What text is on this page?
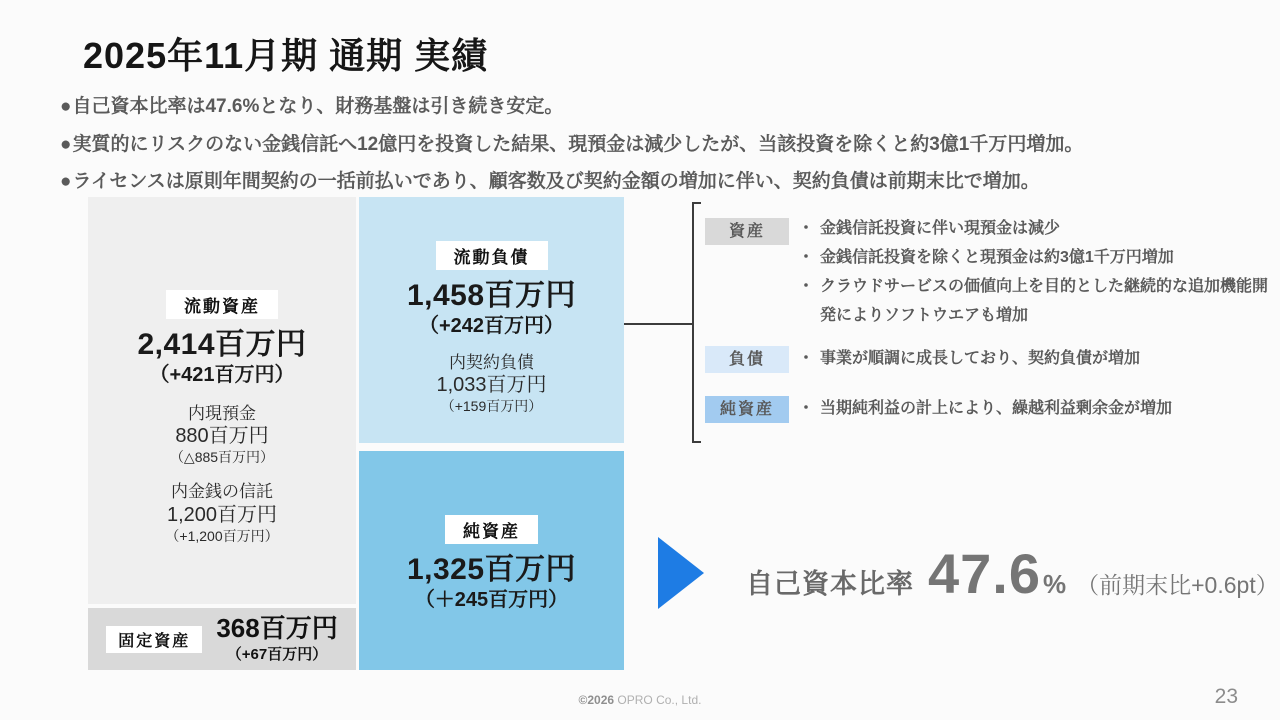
2025年11月期 通期 実績
●自己資本比率は47.6%となり、財務基盤は引き続き安定。
●実質的にリスクのない金銭信託へ12億円を投資した結果、現預金は減少したが、当該投資を除くと約3億1千万円増加。
●ライセンスは原則年間契約の一括前払いであり、顧客数及び契約金額の増加に伴い、契約負債は前期末比で増加。
流動資産
2,414百万円
（+421百万円）
内現預金
880百万円
（△885百万円）
内金銭の信託
1,200百万円
（+1,200百万円）
固定資産	368百万円
（+67百万円）
流動負債
1,458百万円
（+242百万円）
内契約負債
1,033百万円
（+159百万円）
純資産
1,325百万円
（＋245百万円）
資産	・ 金銭信託投資に伴い現預金は減少
・ 金銭信託投資を除くと現預金は約3億1千万円増加
・ クラウドサービスの価値向上を目的とした継続的な追加機能開発によりソフトウエアも増加
負債	・ 事業が順調に成長しており、契約負債が増加
純資産	・ 当期純利益の計上により、繰越利益剰余金が増加
自己資本比率 47.6 % （前期末比+0.6pt）
©2026 OPRO Co., Ltd.	23
